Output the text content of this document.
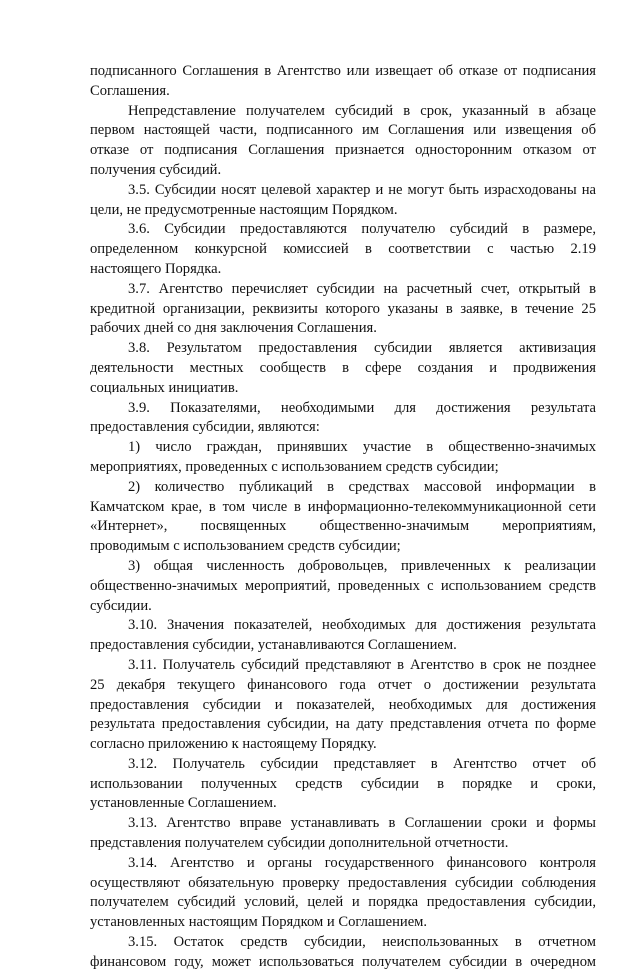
подписанного Соглашения в Агентство или извещает об отказе от подписания
Соглашения.
Непредставление получателем субсидий в срок, указанный в абзаце
первом настоящей части, подписанного им Соглашения или извещения об
отказе от подписания Соглашения признается односторонним отказом от
получения субсидий.
3.5. Субсидии носят целевой характер и не могут быть израсходованы на
цели, не предусмотренные настоящим Порядком.
3.6. Субсидии предоставляются получателю субсидий в размере,
определенном конкурсной комиссией в соответствии с частью 2.19
настоящего Порядка.
3.7. Агентство перечисляет субсидии на расчетный счет, открытый в
кредитной организации, реквизиты которого указаны в заявке, в течение 25
рабочих дней со дня заключения Соглашения.
3.8. Результатом предоставления субсидии является активизация
деятельности местных сообществ в сфере создания и продвижения
социальных инициатив.
3.9. Показателями, необходимыми для достижения результата
предоставления субсидии, являются:
1) число граждан, принявших участие в общественно-значимых
мероприятиях, проведенных с использованием средств субсидии;
2) количество публикаций в средствах массовой информации в
Камчатском крае, в том числе в информационно-телекоммуникационной сети
«Интернет», посвященных общественно-значимым мероприятиям,
проводимым с использованием средств субсидии;
3) общая численность добровольцев, привлеченных к реализации
общественно-значимых мероприятий, проведенных с использованием средств
субсидии.
3.10. Значения показателей, необходимых для достижения результата
предоставления субсидии, устанавливаются Соглашением.
3.11. Получатель субсидий представляют в Агентство в срок не позднее
25 декабря текущего финансового года отчет о достижении результата
предоставления субсидии и показателей, необходимых для достижения
результата предоставления субсидии, на дату представления отчета по форме
согласно приложению к настоящему Порядку.
3.12. Получатель субсидии представляет в Агентство отчет об
использовании полученных средств субсидии в порядке и сроки,
установленные Соглашением.
3.13. Агентство вправе устанавливать в Соглашении сроки и формы
представления получателем субсидии дополнительной отчетности.
3.14. Агентство и органы государственного финансового контроля
осуществляют обязательную проверку предоставления субсидии соблюдения
получателем субсидий условий, целей и порядка предоставления субсидии,
установленных настоящим Порядком и Соглашением.
3.15. Остаток средств субсидии, неиспользованных в отчетном
финансовом году, может использоваться получателем субсидии в очередном
